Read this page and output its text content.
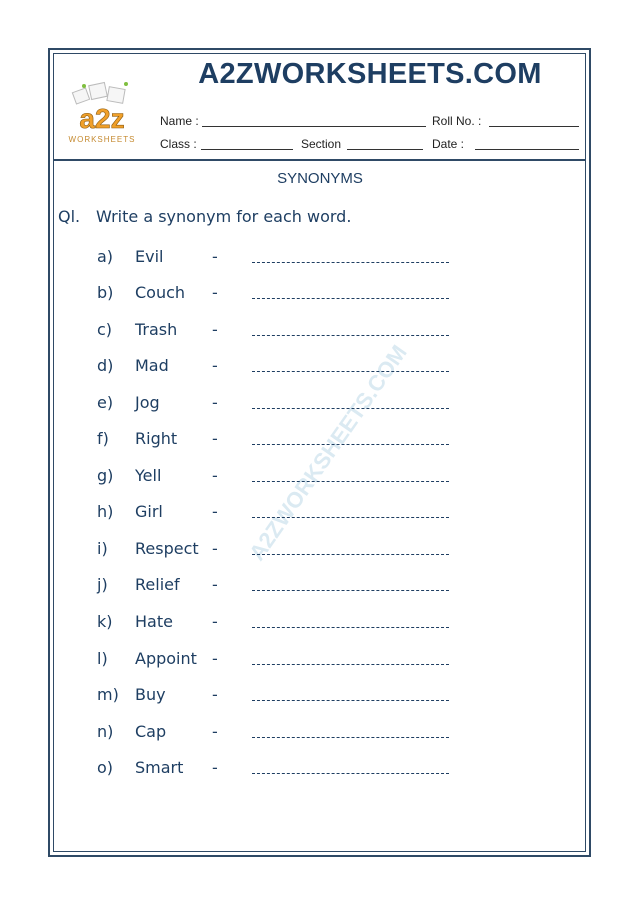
a2z
WORKSHEETS
A2ZWORKSHEETS.COM
Name :	Roll No. :
Class :	Section	Date :
SYNONYMS
Ql. Write a synonym for each word.
A2ZWORKSHEETS.COM
a) Evil	-
b) Couch -
c) Trash -
d) Mad	-
e) Jog	-
f) Right -
g) Yell	-
h) Girl	-
i) Respect -
j) Relief -
k) Hate -
l) Appoint -
m) Buy	-
n) Cap	-
o) Smart -
